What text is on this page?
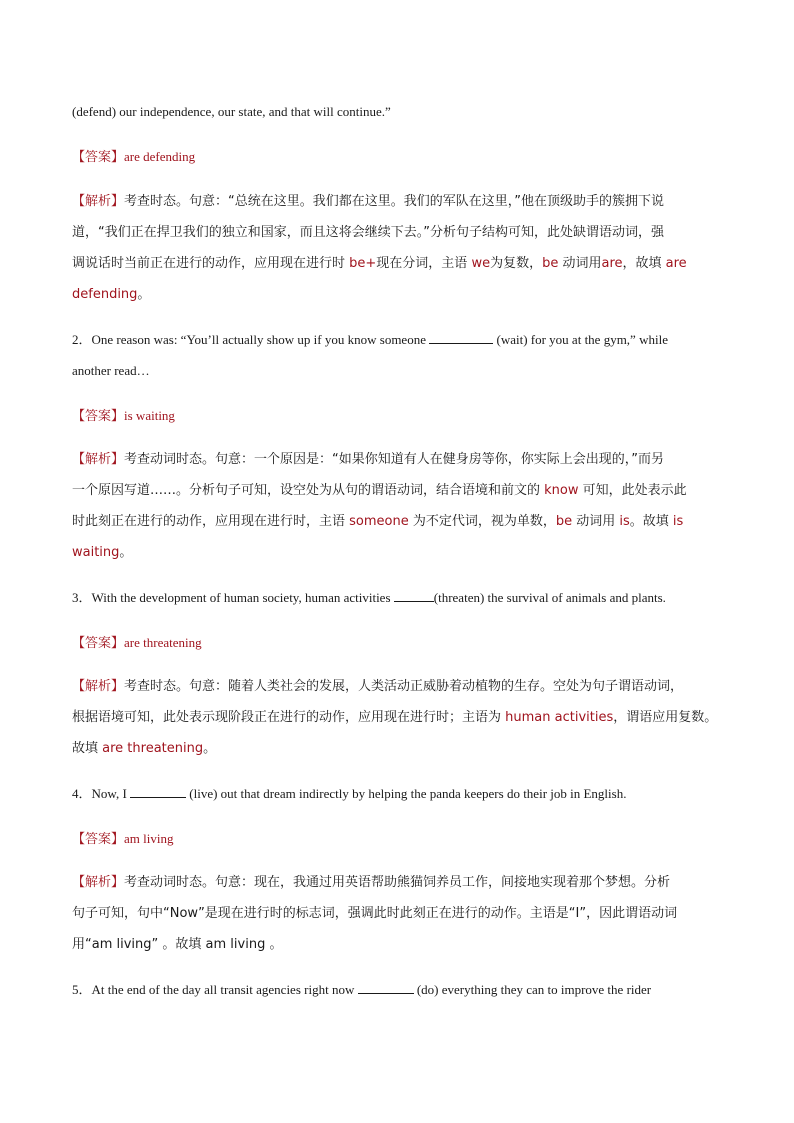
(defend) our independence, our state, and that will continue.”

【答案】are defending

【解析】考查时态。句意：“总统在这里。我们都在这里。我们的军队在这里，”他在顶级助手的簇拥下说

道，“我们正在捍卫我们的独立和国家，而且这将会继续下去。”分析句子结构可知，此处缺谓语动词，强

调说话时当前正在进行的动作，应用现在进行时 be+现在分词，主语 we为复数，be 动词用are，故填 are

defending。

2．One reason was: “You’ll actually show up if you know someone	(wait) for you at the gym,” while

another read…

【答案】is waiting

【解析】考查动词时态。句意：一个原因是：“如果你知道有人在健身房等你，你实际上会出现的，”而另

一个原因写道……。分析句子可知，设空处为从句的谓语动词，结合语境和前文的 know 可知，此处表示此

时此刻正在进行的动作，应用现在进行时，主语 someone 为不定代词，视为单数，be 动词用 is。故填 is

waiting。

3．With the development of human society, human activities	(threaten) the survival of animals and plants.

【答案】are threatening

【解析】考查时态。句意：随着人类社会的发展，人类活动正威胁着动植物的生存。空处为句子谓语动词，

根据语境可知，此处表示现阶段正在进行的动作，应用现在进行时；主语为 human activities，谓语应用复数。

故填 are threatening。

4．Now, I	(live) out that dream indirectly by helping the panda keepers do their job in English.

【答案】am living

【解析】考查动词时态。句意：现在，我通过用英语帮助熊猫饲养员工作，间接地实现着那个梦想。分析

句子可知，句中“Now”是现在进行时的标志词，强调此时此刻正在进行的动作。主语是“I”，因此谓语动词

用“am living” 。故填 am living 。

5．At the end of the day all transit agencies right now	(do) everything they can to improve the rider
